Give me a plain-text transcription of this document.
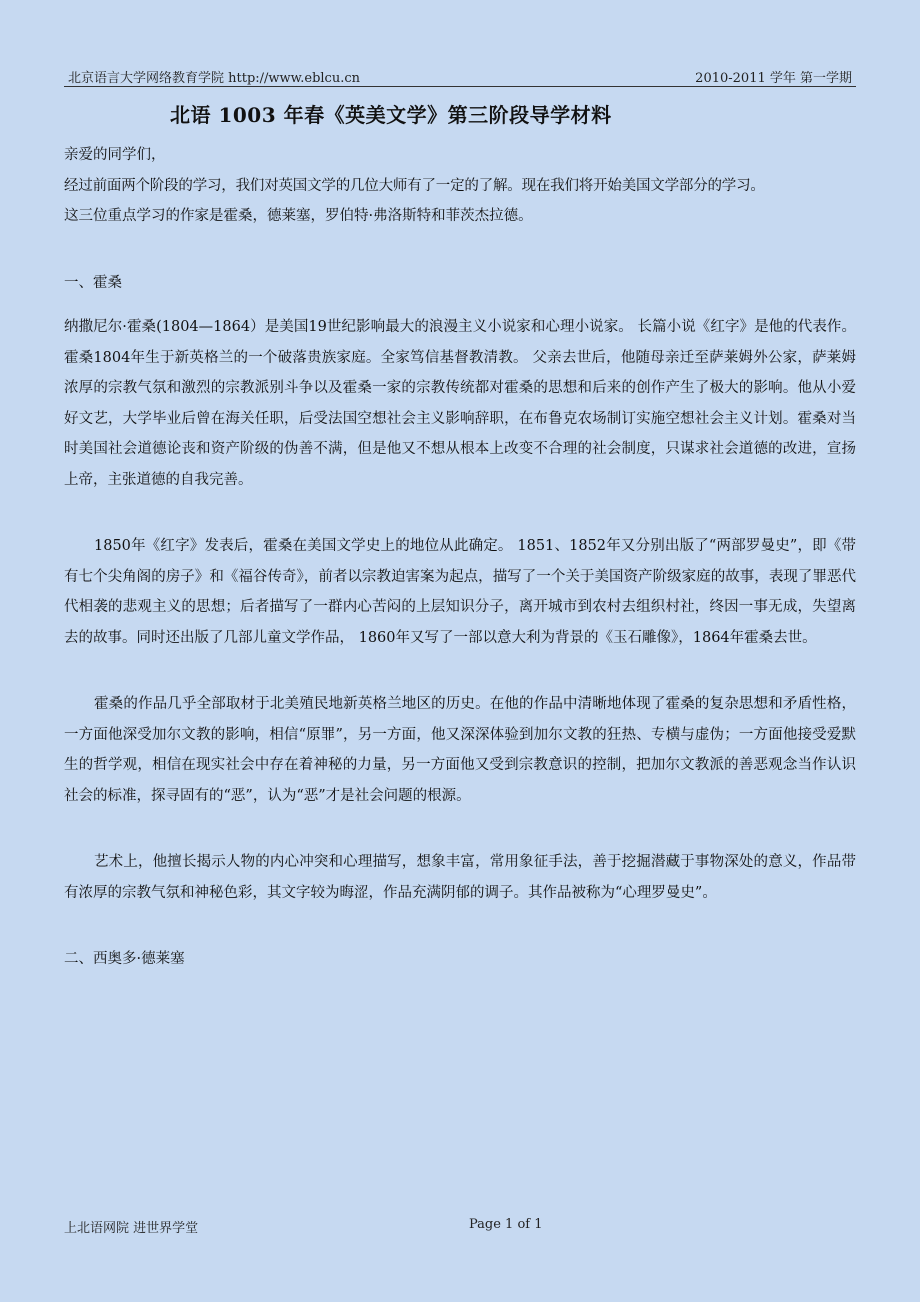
北京语言大学网络教育学院 http://www.eblcu.cn	2010-2011 学年 第一学期
北语 1003 年春《英美文学》第三阶段导学材料

亲爱的同学们，

经过前面两个阶段的学习，我们对英国文学的几位大师有了一定的了解。现在我们将开始美国文学部分的学习。

这三位重点学习的作家是霍桑，德莱塞，罗伯特·弗洛斯特和菲茨杰拉德。

一、霍桑

纳撒尼尔·霍桑(1804—1864）是美国19世纪影响最大的浪漫主义小说家和心理小说家。 长篇小说《红字》是他的代表作。霍桑1804年生于新英格兰的一个破落贵族家庭。全家笃信基督教清教。 父亲去世后，他随母亲迁至萨莱姆外公家，萨莱姆浓厚的宗教气氛和激烈的宗教派别斗争以及霍桑一家的宗教传统都对霍桑的思想和后来的创作产生了极大的影响。他从小爱好文艺，大学毕业后曾在海关任职，后受法国空想社会主义影响辞职，在布鲁克农场制订实施空想社会主义计划。霍桑对当时美国社会道德论丧和资产阶级的伪善不满，但是他又不想从根本上改变不合理的社会制度，只谋求社会道德的改进，宣扬上帝，主张道德的自我完善。

1850年《红字》发表后，霍桑在美国文学史上的地位从此确定。 1851、1852年又分别出版了“两部罗曼史”，即《带有七个尖角阁的房子》和《福谷传奇》，前者以宗教迫害案为起点，描写了一个关于美国资产阶级家庭的故事，表现了罪恶代代相袭的悲观主义的思想；后者描写了一群内心苦闷的上层知识分子，离开城市到农村去组织村社，终因一事无成，失望离去的故事。同时还出版了几部儿童文学作品， 1860年又写了一部以意大利为背景的《玉石雕像》，1864年霍桑去世。

霍桑的作品几乎全部取材于北美殖民地新英格兰地区的历史。在他的作品中清晰地体现了霍桑的复杂思想和矛盾性格，一方面他深受加尔文教的影响，相信“原罪”，另一方面，他又深深体验到加尔文教的狂热、专横与虚伪；一方面他接受爱默生的哲学观，相信在现实社会中存在着神秘的力量，另一方面他又受到宗教意识的控制，把加尔文教派的善恶观念当作认识社会的标准，探寻固有的“恶”，认为“恶”才是社会问题的根源。

艺术上，他擅长揭示人物的内心冲突和心理描写，想象丰富，常用象征手法，善于挖掘潜藏于事物深处的意义，作品带有浓厚的宗教气氛和神秘色彩，其文字较为晦涩，作品充满阴郁的调子。其作品被称为“心理罗曼史”。

二、西奥多·德莱塞

上北语网院 进世界学堂	Page 1 of 1
